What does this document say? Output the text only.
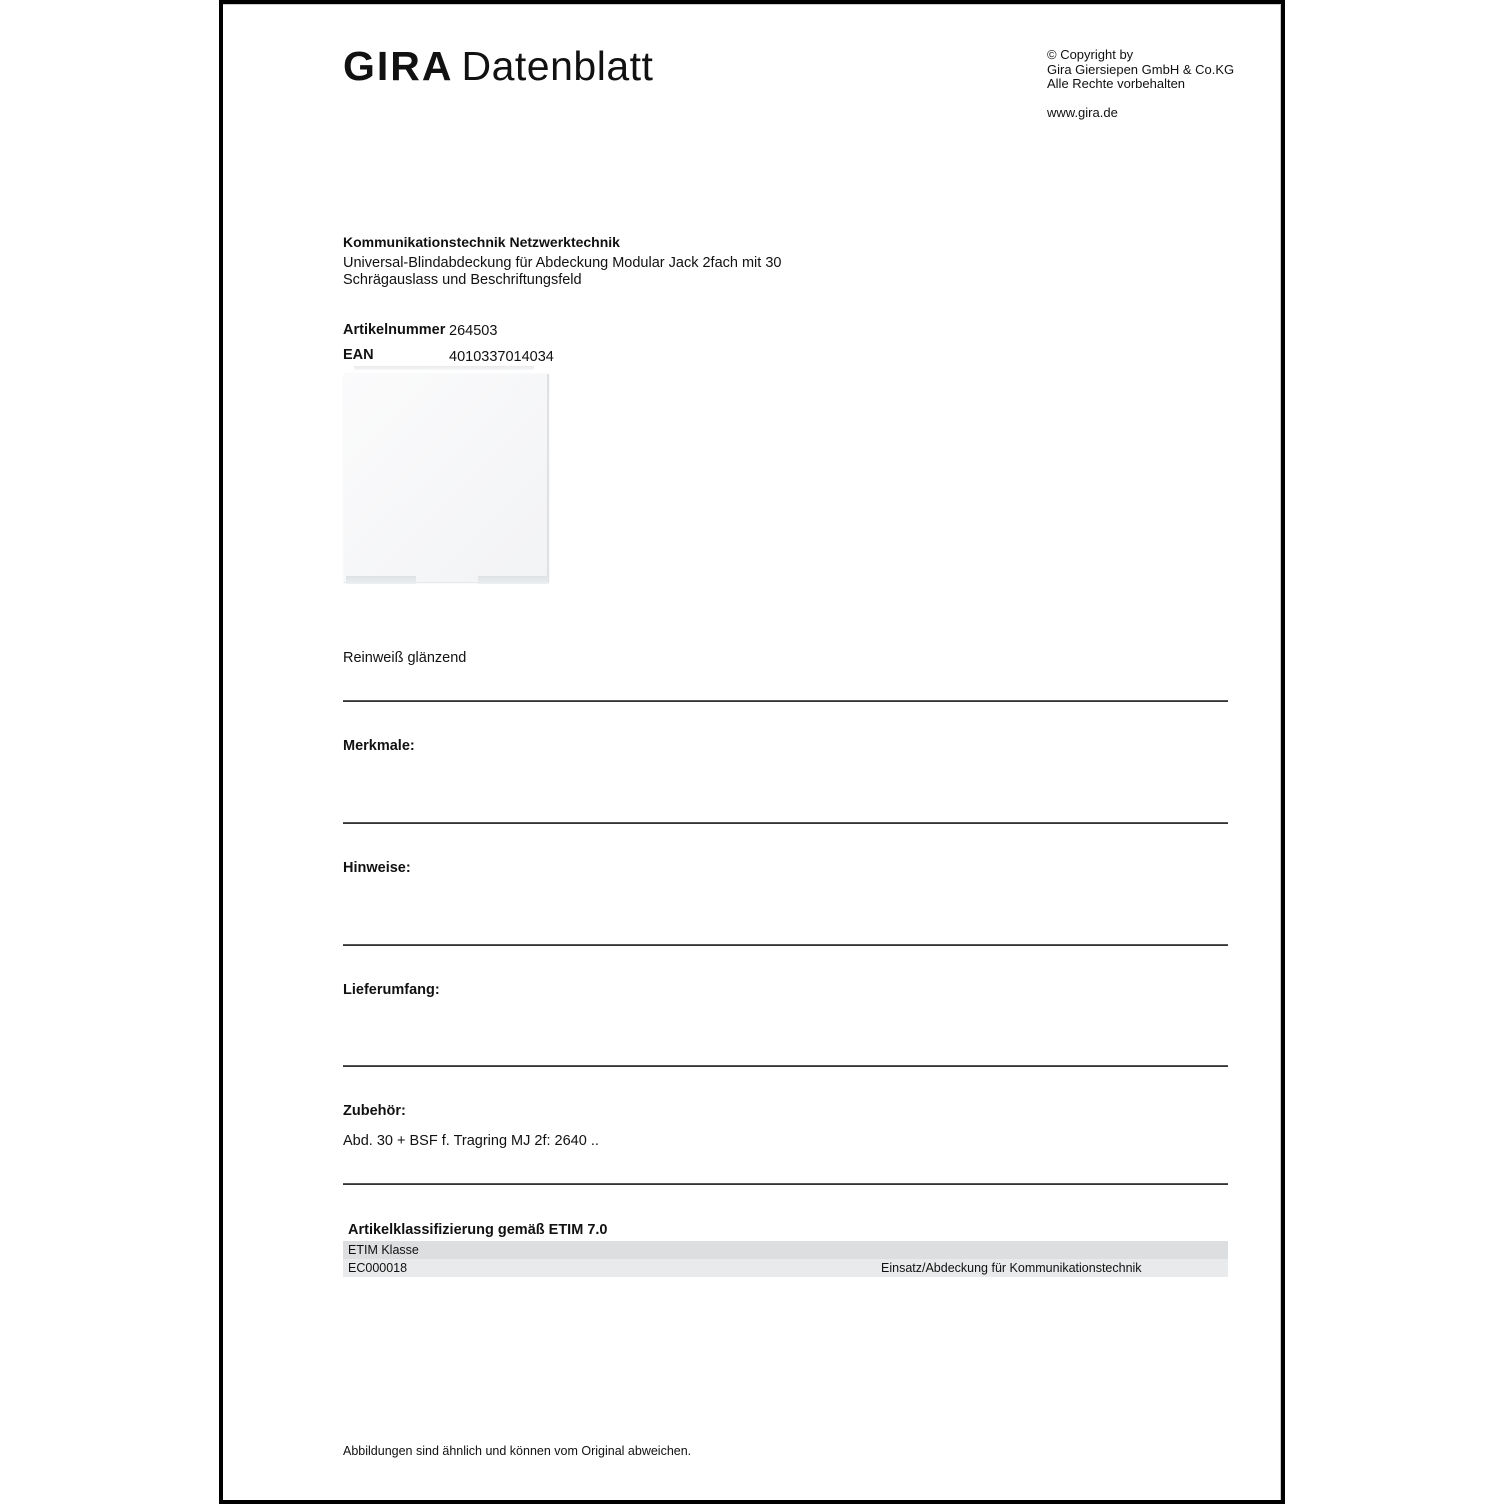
GIRA Datenblatt	© Copyright by
Gira Giersiepen GmbH & Co.KG
Alle Rechte vorbehalten
www.gira.de
Kommunikationstechnik Netzwerktechnik
Universal-Blindabdeckung für Abdeckung Modular Jack 2fach mit 30
Schrägauslass und Beschriftungsfeld
Artikelnummer 264503
EAN	4010337014034
Reinweiß glänzend
Merkmale:
Hinweise:
Lieferumfang:
Zubehör:
Abd. 30 + BSF f. Tragring MJ 2f: 2640 ..
Artikelklassifizierung gemäß ETIM 7.0
ETIM Klasse
EC000018	Einsatz/Abdeckung für Kommunikationstechnik
Abbildungen sind ähnlich und können vom Original abweichen.
